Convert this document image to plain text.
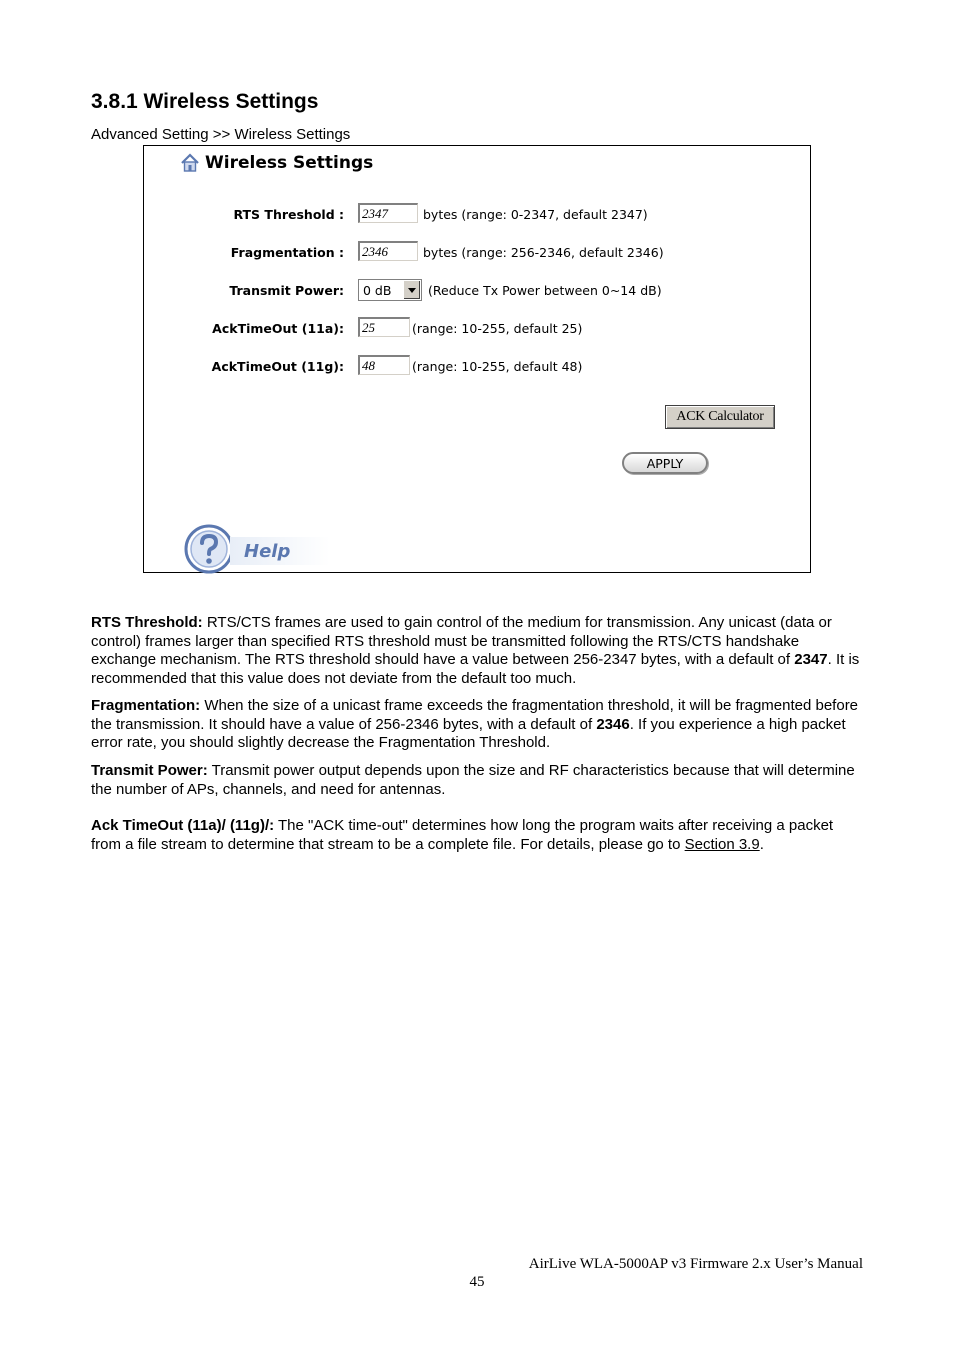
3.8.1 Wireless Settings
Advanced Setting >> Wireless Settings
Wireless Settings
RTS Threshold :
2347	bytes (range: 0-2347, default 2347)
Fragmentation :
2346	bytes (range: 256-2346, default 2346)
Transmit Power: 0 dB	(Reduce Tx Power between 0~14 dB)
AckTimeOut (11a):
25	(range: 10-255, default 25)
AckTimeOut (11g):
48	(range: 10-255, default 48)
ACK Calculator
APPLY
Help

RTS Threshold: RTS/CTS frames are used to gain control of the medium for transmission. Any unicast (data or control) frames larger than specified RTS threshold must be transmitted following the RTS/CTS handshake exchange mechanism. The RTS threshold should have a value between 256-2347 bytes, with a default of 2347. It is recommended that this value does not deviate from the default too much.

Fragmentation: When the size of a unicast frame exceeds the fragmentation threshold, it will be fragmented before the transmission. It should have a value of 256-2346 bytes, with a default of 2346. If you experience a high packet error rate, you should slightly decrease the Fragmentation Threshold.

Transmit Power: Transmit power output depends upon the size and RF characteristics because that will determine the number of APs, channels, and need for antennas.

Ack TimeOut (11a)/ (11g)/: The "ACK time-out" determines how long the program waits after receiving a packet from a file stream to determine that stream to be a complete file. For details, please go to Section 3.9.

AirLive WLA-5000AP v3 Firmware 2.x User’s Manual
45
